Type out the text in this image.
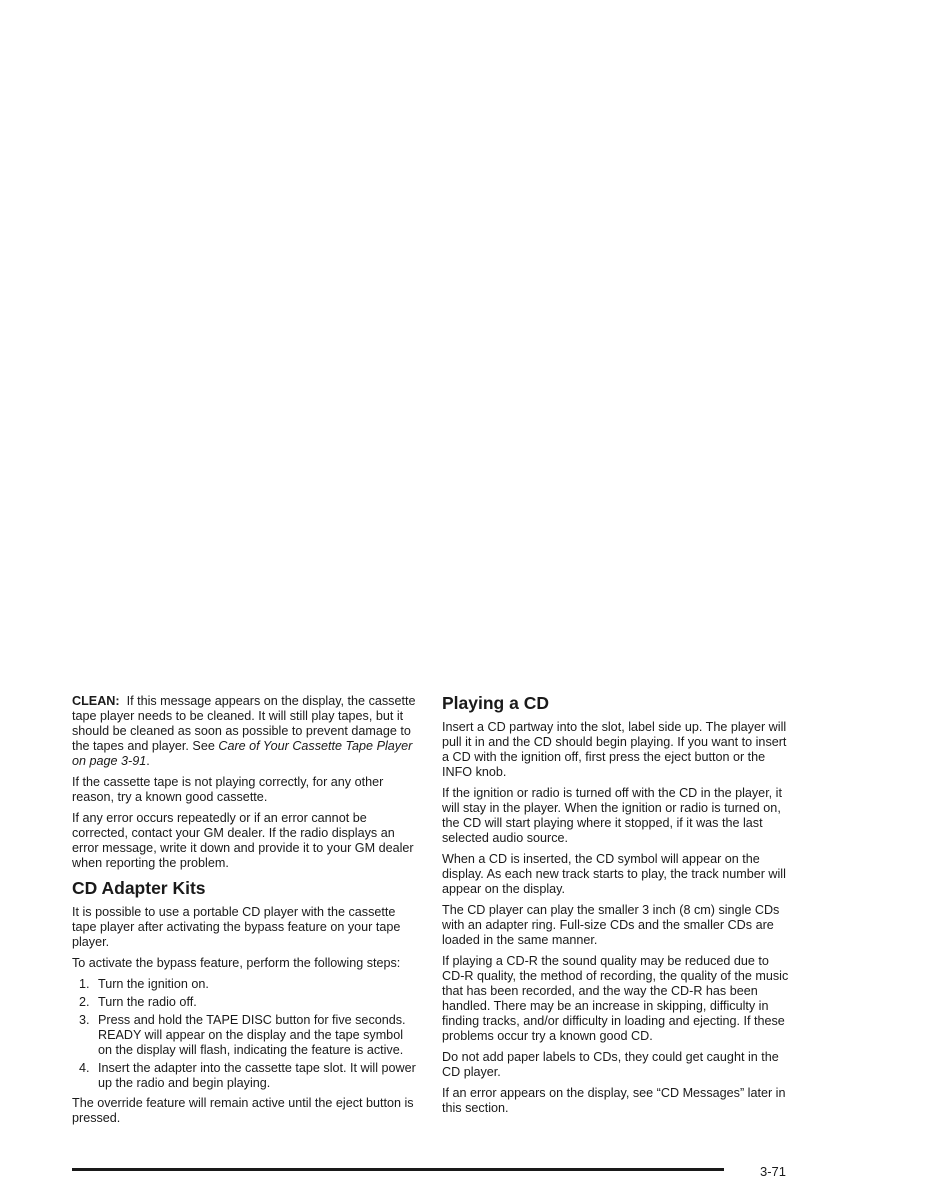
CLEAN: If this message appears on the display, the cassette tape player needs to be cleaned. It will still play tapes, but it should be cleaned as soon as possible to prevent damage to the tapes and player. See Care of Your Cassette Tape Player on page 3-91.

If the cassette tape is not playing correctly, for any other reason, try a known good cassette.

If any error occurs repeatedly or if an error cannot be corrected, contact your GM dealer. If the radio displays an error message, write it down and provide it to your GM dealer when reporting the problem.

CD Adapter Kits

It is possible to use a portable CD player with the cassette tape player after activating the bypass feature on your tape player.

To activate the bypass feature, perform the following steps:

1. Turn the ignition on.
2. Turn the radio off.
3. Press and hold the TAPE DISC button for five seconds. READY will appear on the display and the tape symbol on the display will flash, indicating the feature is active.
4. Insert the adapter into the cassette tape slot. It will power up the radio and begin playing.

The override feature will remain active until the eject button is pressed.

Playing a CD

Insert a CD partway into the slot, label side up. The player will pull it in and the CD should begin playing. If you want to insert a CD with the ignition off, first press the eject button or the INFO knob.

If the ignition or radio is turned off with the CD in the player, it will stay in the player. When the ignition or radio is turned on, the CD will start playing where it stopped, if it was the last selected audio source.

When a CD is inserted, the CD symbol will appear on the display. As each new track starts to play, the track number will appear on the display.

The CD player can play the smaller 3 inch (8 cm) single CDs with an adapter ring. Full-size CDs and the smaller CDs are loaded in the same manner.

If playing a CD-R the sound quality may be reduced due to CD-R quality, the method of recording, the quality of the music that has been recorded, and the way the CD-R has been handled. There may be an increase in skipping, difficulty in finding tracks, and/or difficulty in loading and ejecting. If these problems occur try a known good CD.

Do not add paper labels to CDs, they could get caught in the CD player.

If an error appears on the display, see “CD Messages” later in this section.

3-71
